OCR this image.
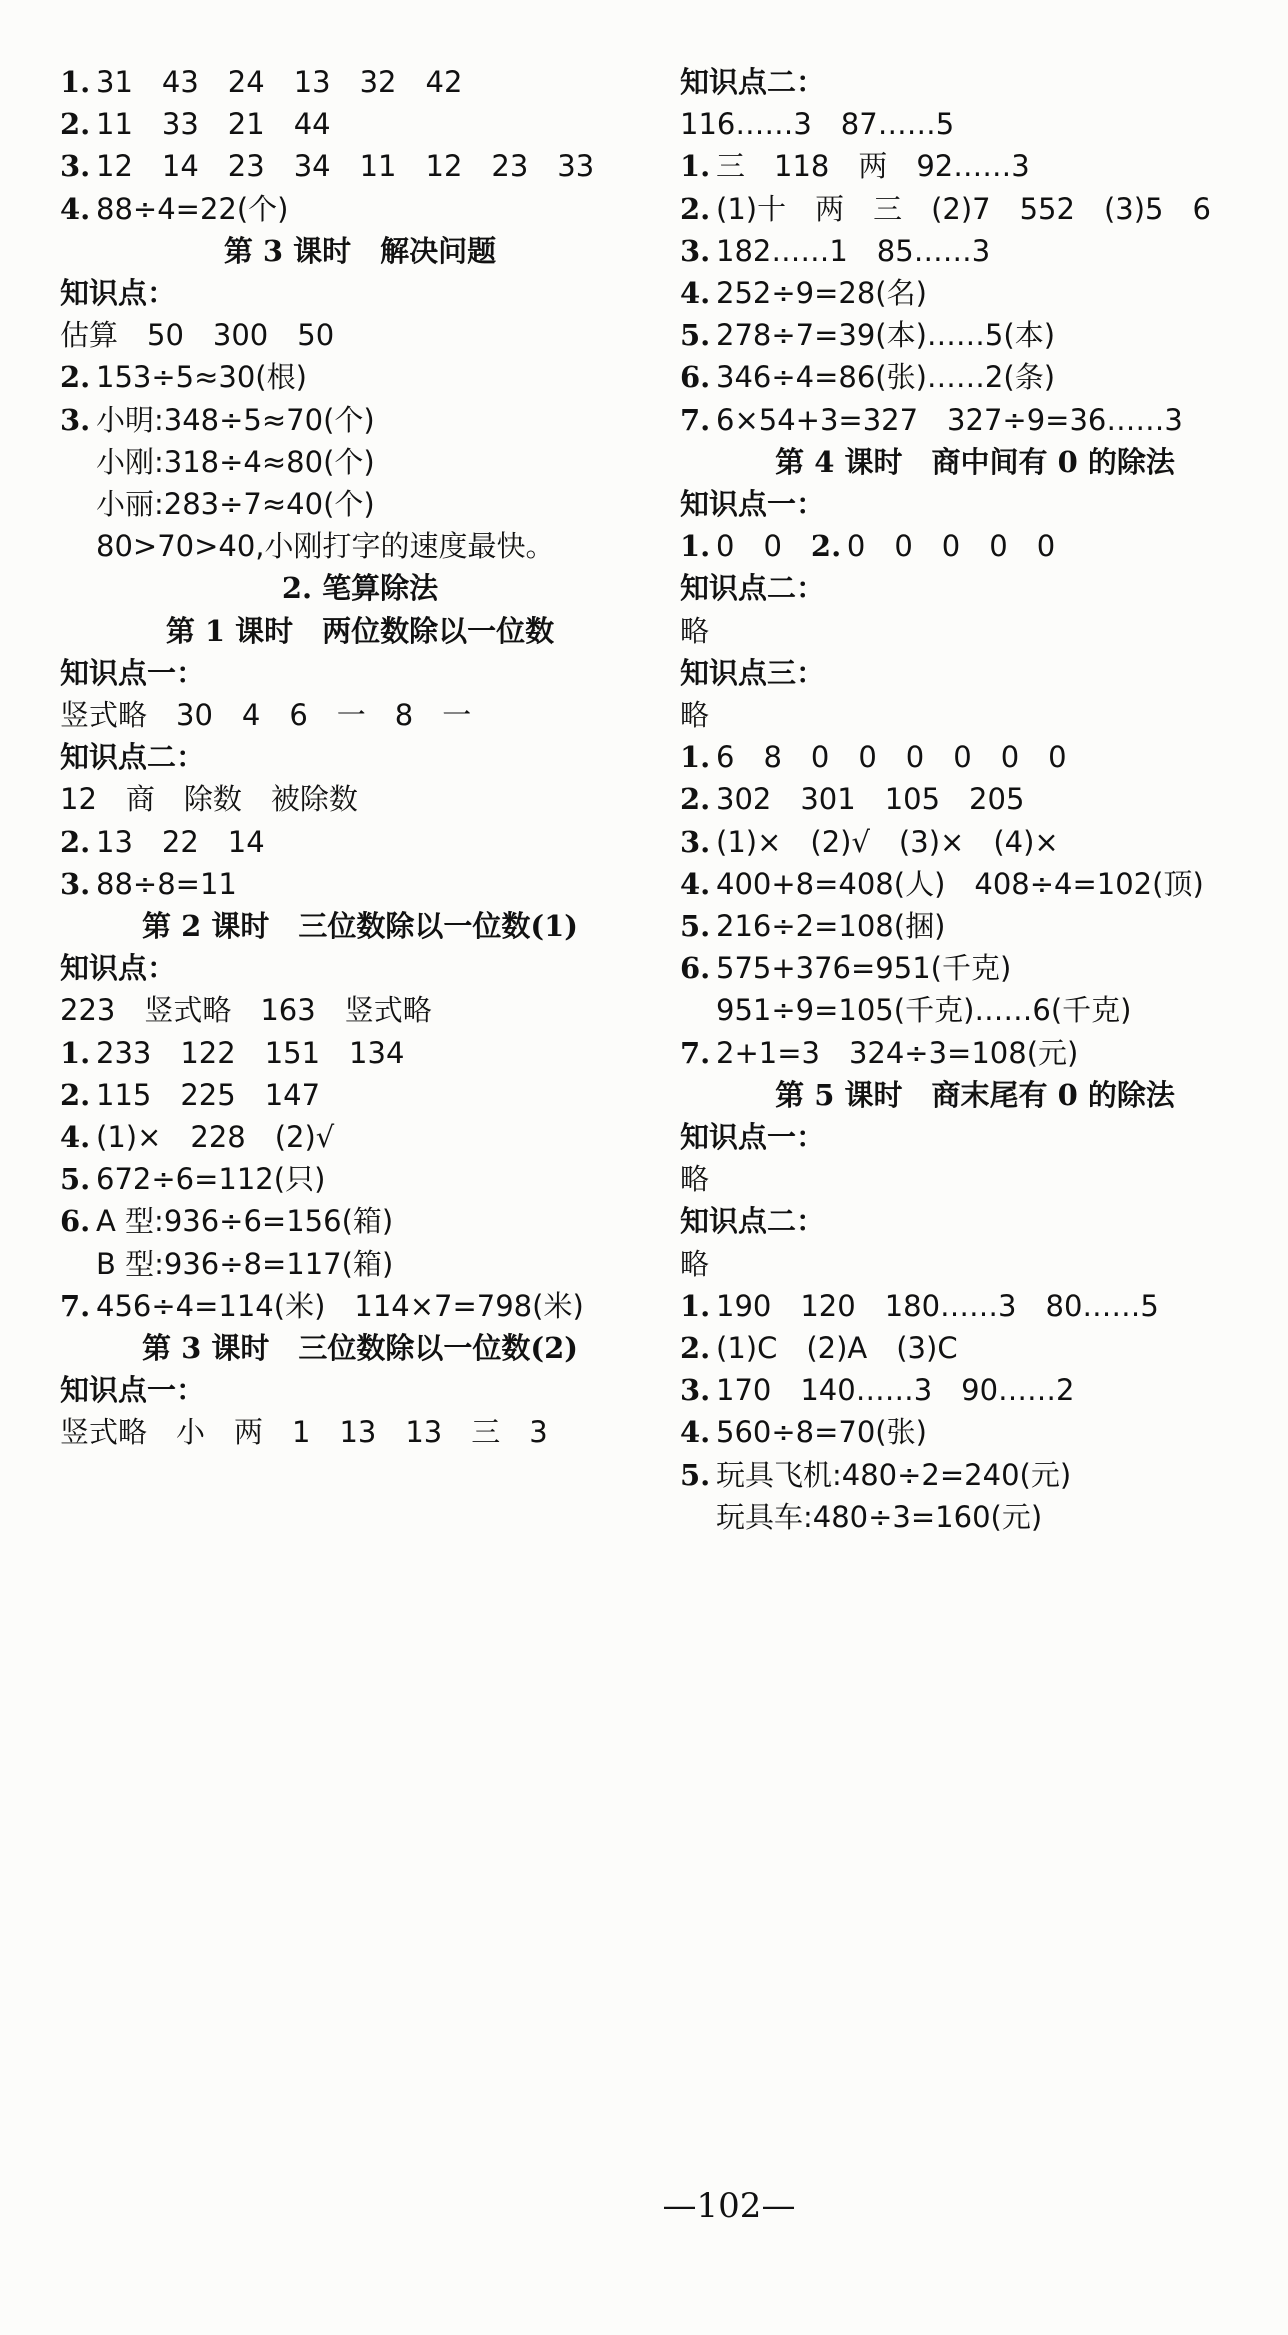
1. 31　43　24　13　32　42
2. 11　33　21　44
3. 12　14　23　34　11　12　23　33
4. 88÷4=22(个)
第 3 课时　解决问题
知识点：
估算　50　300　50
2. 153÷5≈30(根)
3. 小明:348÷5≈70(个)
小刚:318÷4≈80(个)
小丽:283÷7≈40(个)
80>70>40,小刚打字的速度最快。
2. 笔算除法
第 1 课时　两位数除以一位数
知识点一：
竖式略　30　4　6　一　8　一
知识点二：
12　商　除数　被除数
2. 13　22　14
3. 88÷8=11
第 2 课时　三位数除以一位数(1)
知识点：
223　竖式略　163　竖式略
1. 233　122　151　134
2. 115　225　147
4. (1)×　228　(2)√
5. 672÷6=112(只)
6. A 型:936÷6=156(箱)
B 型:936÷8=117(箱)
7. 456÷4=114(米)　114×7=798(米)
第 3 课时　三位数除以一位数(2)
知识点一：
竖式略　小　两　1　13　13　三　3
知识点二：
116……3　87……5
1. 三　118　两　92……3
2. (1)十　两　三　(2)7　552　(3)5　6
3. 182……1　85……3
4. 252÷9=28(名)
5. 278÷7=39(本)……5(本)
6. 346÷4=86(张)……2(条)
7. 6×54+3=327　327÷9=36……3
第 4 课时　商中间有 0 的除法
知识点一：
1. 0　0　2. 0　0　0　0　0
知识点二：
略
知识点三：
略
1. 6　8　0　0　0　0　0　0
2. 302　301　105　205
3. (1)×　(2)√　(3)×　(4)×
4. 400+8=408(人)　408÷4=102(顶)
5. 216÷2=108(捆)
6. 575+376=951(千克)
951÷9=105(千克)……6(千克)
7. 2+1=3　324÷3=108(元)
第 5 课时　商末尾有 0 的除法
知识点一：
略
知识点二：
略
1. 190　120　180……3　80……5
2. (1)C　(2)A　(3)C
3. 170　140……3　90……2
4. 560÷8=70(张)
5. 玩具飞机:480÷2=240(元)
玩具车:480÷3=160(元)
—102—
